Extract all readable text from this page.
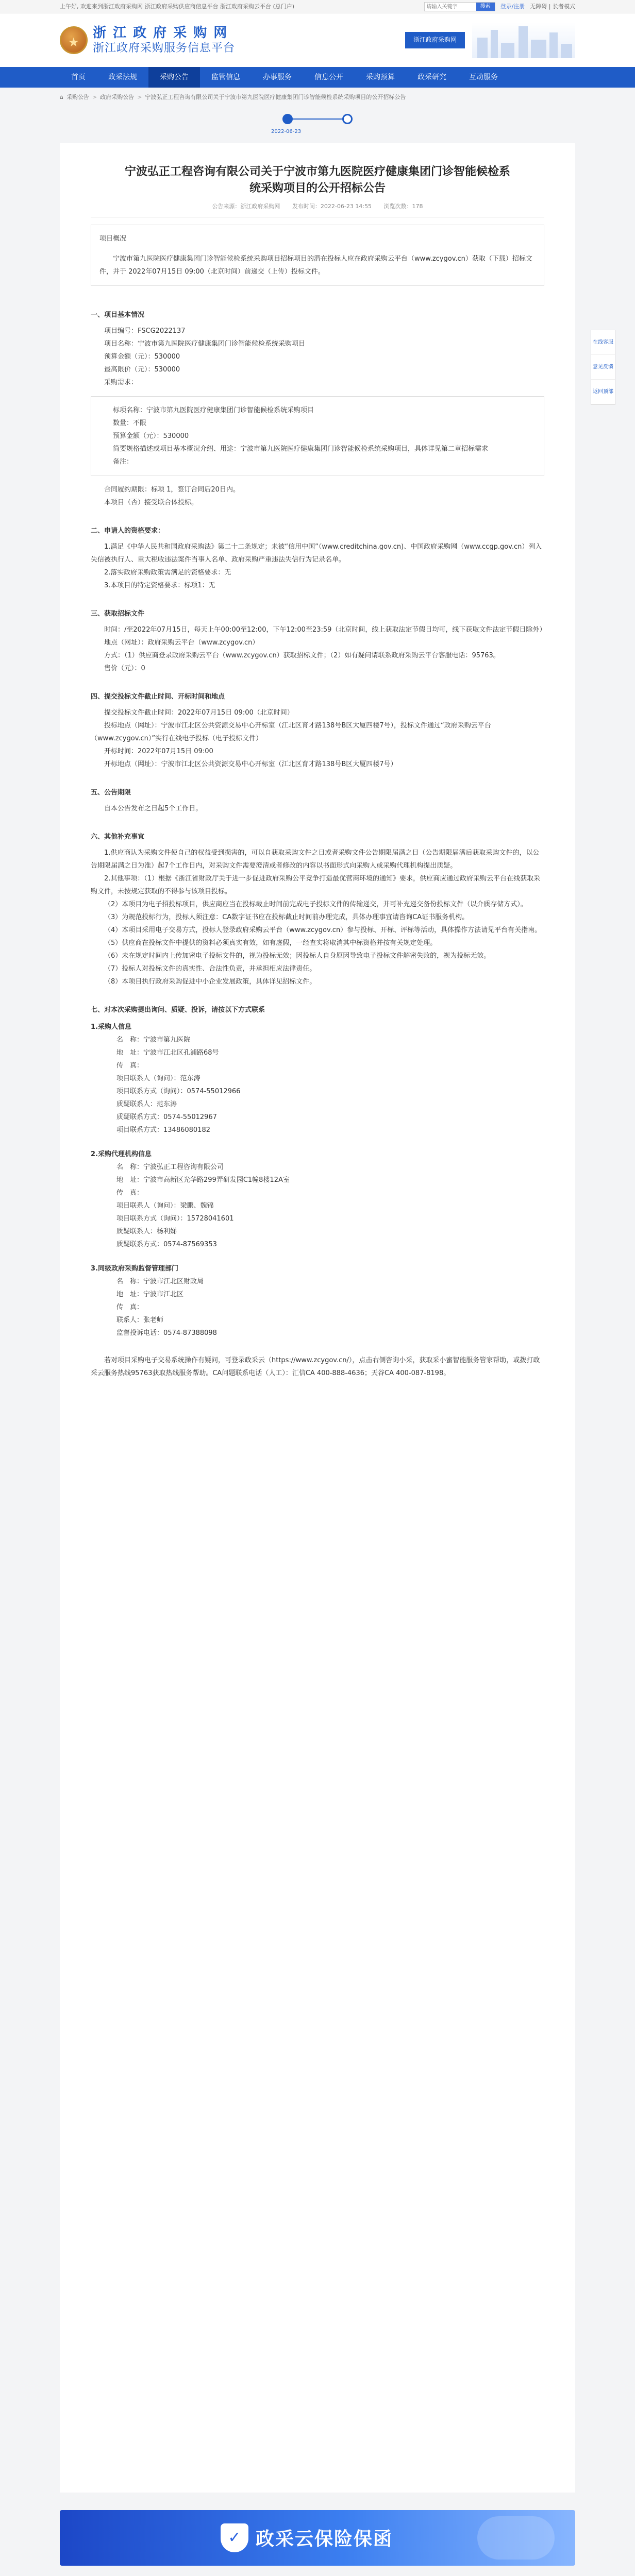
上午好, 欢迎来到浙江政府采购网 浙江政府采购供应商信息平台 浙江政府采购云平台 (总门户)
请输入关键字	搜索	登录/注册 无障碍 | 长者模式
★
浙 江 政 府 采 购 网
浙江政府采购服务信息平台
浙江政府采购网
首页	政采法规	采购公告	监管信息	办事服务	信息公开	采购预算	政采研究	互动服务
⌂ 采购公告 > 政府采购公告 > 宁波弘正工程咨询有限公司关于宁波市第九医院医疗健康集团门诊智能候检系统采购项目的公开招标公告
2022-06-23
宁波弘正工程咨询有限公司关于宁波市第九医院医疗健康集团门诊智能候检系统采购项目的公开招标公告
公告来源：浙江政府采购网 发布时间：2022-06-23 14:55 浏览次数：178

项目概况

宁波市第九医院医疗健康集团门诊智能候检系统采购项目招标项目的潜在投标人应在政府采购云平台（www.zcygov.cn）获取（下载）招标文件，并于 2022年07月15日 09:00（北京时间）前递交（上传）投标文件。

一、项目基本情况

项目编号：FSCG2022137

项目名称：宁波市第九医院医疗健康集团门诊智能候检系统采购项目

预算金额（元）：530000

最高限价（元）：530000

采购需求：

标项名称：宁波市第九医院医疗健康集团门诊智能候检系统采购项目

数量：不限

预算金额（元）：530000

简要规格描述或项目基本概况介绍、用途：宁波市第九医院医疗健康集团门诊智能候检系统采购项目，具体详见第二章招标需求

备注：

合同履约期限：标项 1，签订合同后20日内。

本项目（否）接受联合体投标。

二、申请人的资格要求：

1.满足《中华人民共和国政府采购法》第二十二条规定；未被“信用中国”（www.creditchina.gov.cn)、中国政府采购网（www.ccgp.gov.cn）列入失信被执行人、重大税收违法案件当事人名单、政府采购严重违法失信行为记录名单。

2.落实政府采购政策需满足的资格要求：无

3.本项目的特定资格要求：标项1：无

三、获取招标文件

时间：/至2022年07月15日，每天上午00:00至12:00，下午12:00至23:59（北京时间，线上获取法定节假日均可，线下获取文件法定节假日除外）

地点（网址）：政府采购云平台（www.zcygov.cn）

方式：（1）供应商登录政府采购云平台（www.zcygov.cn）获取招标文件；（2）如有疑问请联系政府采购云平台客服电话：95763。

售价（元）：0

四、提交投标文件截止时间、开标时间和地点

提交投标文件截止时间：2022年07月15日 09:00（北京时间）

投标地点（网址）：宁波市江北区公共资源交易中心开标室（江北区育才路138号B区大厦四楼7号），投标文件通过“政府采购云平台（www.zcygov.cn）”实行在线电子投标（电子投标文件）

开标时间：2022年07月15日 09:00

开标地点（网址）：宁波市江北区公共资源交易中心开标室（江北区育才路138号B区大厦四楼7号）

五、公告期限

自本公告发布之日起5个工作日。

六、其他补充事宜

1.供应商认为采购文件使自己的权益受到损害的，可以自获取采购文件之日或者采购文件公告期限届满之日（公告期限届满后获取采购文件的，以公告期限届满之日为准）起7个工作日内，对采购文件需要澄清或者修改的内容以书面形式向采购人或采购代理机构提出质疑。

2.其他事项：（1）根据《浙江省财政厅关于进一步促进政府采购公平竞争打造最优营商环境的通知》要求，供应商应通过政府采购云平台在线获取采购文件，未按规定获取的不得参与该项目投标。

（2）本项目为电子招投标项目，供应商应当在投标截止时间前完成电子投标文件的传输递交，并可补充递交备份投标文件（以介质存储方式）。

（3）为规范投标行为，投标人须注意：CA数字证书应在投标截止时间前办理完成，具体办理事宜请咨询CA证书服务机构。

（4）本项目采用电子交易方式，投标人登录政府采购云平台（www.zcygov.cn）参与投标、开标、评标等活动，具体操作方法请见平台有关指南。

（5）供应商在投标文件中提供的资料必须真实有效，如有虚假，一经查实将取消其中标资格并按有关规定处理。

（6）未在规定时间内上传加密电子投标文件的，视为投标无效；因投标人自身原因导致电子投标文件解密失败的，视为投标无效。

（7）投标人对投标文件的真实性、合法性负责，并承担相应法律责任。

（8）本项目执行政府采购促进中小企业发展政策，具体详见招标文件。

七、对本次采购提出询问、质疑、投诉，请按以下方式联系

1.采购人信息

名　称：宁波市第九医院

地　址：宁波市江北区孔浦路68号

传　真：

项目联系人（询问）：范东涛

项目联系方式（询问）：0574-55012966

质疑联系人：范东涛

质疑联系方式：0574-55012967

项目联系方式：13486080182

2.采购代理机构信息

名　称：宁波弘正工程咨询有限公司

地　址：宁波市高新区光华路299弄研发园C1幢8楼12A室

传　真：

项目联系人（询问）：梁鹏、魏锦

项目联系方式（询问）：15728041601

质疑联系人：杨利娣

质疑联系方式：0574-87569353

3.同级政府采购监督管理部门

名　称：宁波市江北区财政局

地　址：宁波市江北区

传　真：

联系人：张老师

监督投诉电话：0574-87388098

若对项目采购电子交易系统操作有疑问，可登录政采云（https://www.zcygov.cn/），点击右侧咨询小采，获取采小蜜智能服务管家帮助，或拨打政采云服务热线95763获取热线服务帮助。CA问题联系电话（人工）：汇信CA 400-888-4636；天谷CA 400-087-8198。

✓ 政采云保险保函

在线客服
意见反馈
返回顶部
